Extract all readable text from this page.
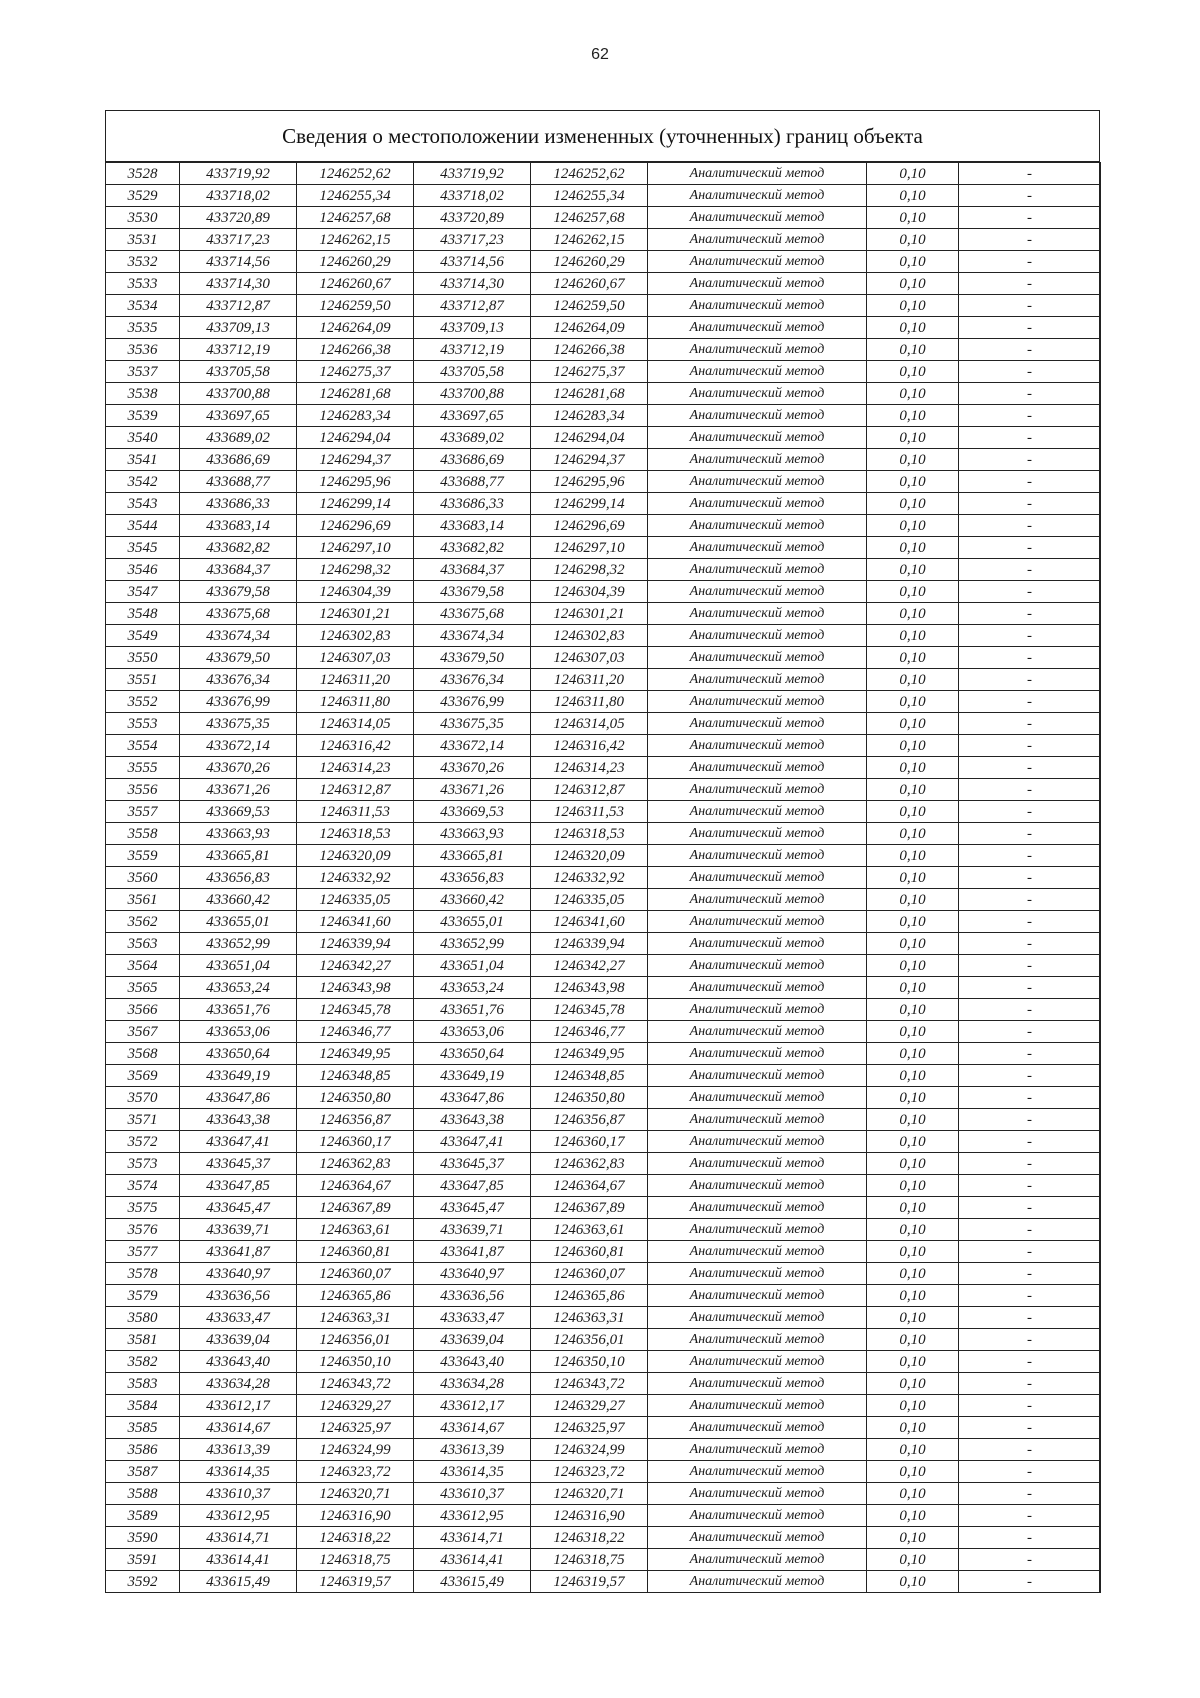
62
Сведения о местоположении измененных (уточненных) границ объекта
3528	433719,92	1246252,62	433719,92	1246252,62	Аналитический метод	0,10	-
3529	433718,02	1246255,34	433718,02	1246255,34	Аналитический метод	0,10	-
3530	433720,89	1246257,68	433720,89	1246257,68	Аналитический метод	0,10	-
3531	433717,23	1246262,15	433717,23	1246262,15	Аналитический метод	0,10	-
3532	433714,56	1246260,29	433714,56	1246260,29	Аналитический метод	0,10	-
3533	433714,30	1246260,67	433714,30	1246260,67	Аналитический метод	0,10	-
3534	433712,87	1246259,50	433712,87	1246259,50	Аналитический метод	0,10	-
3535	433709,13	1246264,09	433709,13	1246264,09	Аналитический метод	0,10	-
3536	433712,19	1246266,38	433712,19	1246266,38	Аналитический метод	0,10	-
3537	433705,58	1246275,37	433705,58	1246275,37	Аналитический метод	0,10	-
3538	433700,88	1246281,68	433700,88	1246281,68	Аналитический метод	0,10	-
3539	433697,65	1246283,34	433697,65	1246283,34	Аналитический метод	0,10	-
3540	433689,02	1246294,04	433689,02	1246294,04	Аналитический метод	0,10	-
3541	433686,69	1246294,37	433686,69	1246294,37	Аналитический метод	0,10	-
3542	433688,77	1246295,96	433688,77	1246295,96	Аналитический метод	0,10	-
3543	433686,33	1246299,14	433686,33	1246299,14	Аналитический метод	0,10	-
3544	433683,14	1246296,69	433683,14	1246296,69	Аналитический метод	0,10	-
3545	433682,82	1246297,10	433682,82	1246297,10	Аналитический метод	0,10	-
3546	433684,37	1246298,32	433684,37	1246298,32	Аналитический метод	0,10	-
3547	433679,58	1246304,39	433679,58	1246304,39	Аналитический метод	0,10	-
3548	433675,68	1246301,21	433675,68	1246301,21	Аналитический метод	0,10	-
3549	433674,34	1246302,83	433674,34	1246302,83	Аналитический метод	0,10	-
3550	433679,50	1246307,03	433679,50	1246307,03	Аналитический метод	0,10	-
3551	433676,34	1246311,20	433676,34	1246311,20	Аналитический метод	0,10	-
3552	433676,99	1246311,80	433676,99	1246311,80	Аналитический метод	0,10	-
3553	433675,35	1246314,05	433675,35	1246314,05	Аналитический метод	0,10	-
3554	433672,14	1246316,42	433672,14	1246316,42	Аналитический метод	0,10	-
3555	433670,26	1246314,23	433670,26	1246314,23	Аналитический метод	0,10	-
3556	433671,26	1246312,87	433671,26	1246312,87	Аналитический метод	0,10	-
3557	433669,53	1246311,53	433669,53	1246311,53	Аналитический метод	0,10	-
3558	433663,93	1246318,53	433663,93	1246318,53	Аналитический метод	0,10	-
3559	433665,81	1246320,09	433665,81	1246320,09	Аналитический метод	0,10	-
3560	433656,83	1246332,92	433656,83	1246332,92	Аналитический метод	0,10	-
3561	433660,42	1246335,05	433660,42	1246335,05	Аналитический метод	0,10	-
3562	433655,01	1246341,60	433655,01	1246341,60	Аналитический метод	0,10	-
3563	433652,99	1246339,94	433652,99	1246339,94	Аналитический метод	0,10	-
3564	433651,04	1246342,27	433651,04	1246342,27	Аналитический метод	0,10	-
3565	433653,24	1246343,98	433653,24	1246343,98	Аналитический метод	0,10	-
3566	433651,76	1246345,78	433651,76	1246345,78	Аналитический метод	0,10	-
3567	433653,06	1246346,77	433653,06	1246346,77	Аналитический метод	0,10	-
3568	433650,64	1246349,95	433650,64	1246349,95	Аналитический метод	0,10	-
3569	433649,19	1246348,85	433649,19	1246348,85	Аналитический метод	0,10	-
3570	433647,86	1246350,80	433647,86	1246350,80	Аналитический метод	0,10	-
3571	433643,38	1246356,87	433643,38	1246356,87	Аналитический метод	0,10	-
3572	433647,41	1246360,17	433647,41	1246360,17	Аналитический метод	0,10	-
3573	433645,37	1246362,83	433645,37	1246362,83	Аналитический метод	0,10	-
3574	433647,85	1246364,67	433647,85	1246364,67	Аналитический метод	0,10	-
3575	433645,47	1246367,89	433645,47	1246367,89	Аналитический метод	0,10	-
3576	433639,71	1246363,61	433639,71	1246363,61	Аналитический метод	0,10	-
3577	433641,87	1246360,81	433641,87	1246360,81	Аналитический метод	0,10	-
3578	433640,97	1246360,07	433640,97	1246360,07	Аналитический метод	0,10	-
3579	433636,56	1246365,86	433636,56	1246365,86	Аналитический метод	0,10	-
3580	433633,47	1246363,31	433633,47	1246363,31	Аналитический метод	0,10	-
3581	433639,04	1246356,01	433639,04	1246356,01	Аналитический метод	0,10	-
3582	433643,40	1246350,10	433643,40	1246350,10	Аналитический метод	0,10	-
3583	433634,28	1246343,72	433634,28	1246343,72	Аналитический метод	0,10	-
3584	433612,17	1246329,27	433612,17	1246329,27	Аналитический метод	0,10	-
3585	433614,67	1246325,97	433614,67	1246325,97	Аналитический метод	0,10	-
3586	433613,39	1246324,99	433613,39	1246324,99	Аналитический метод	0,10	-
3587	433614,35	1246323,72	433614,35	1246323,72	Аналитический метод	0,10	-
3588	433610,37	1246320,71	433610,37	1246320,71	Аналитический метод	0,10	-
3589	433612,95	1246316,90	433612,95	1246316,90	Аналитический метод	0,10	-
3590	433614,71	1246318,22	433614,71	1246318,22	Аналитический метод	0,10	-
3591	433614,41	1246318,75	433614,41	1246318,75	Аналитический метод	0,10	-
3592	433615,49	1246319,57	433615,49	1246319,57	Аналитический метод	0,10	-
